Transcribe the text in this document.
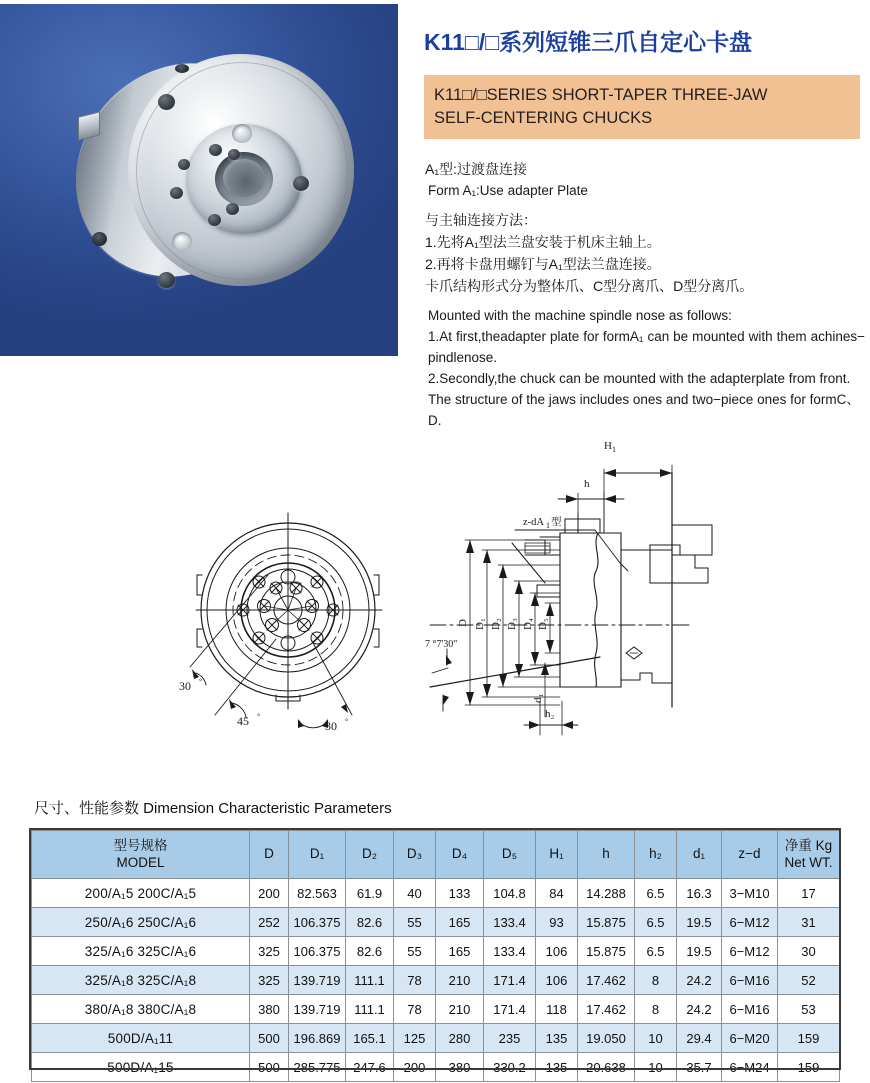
K11□/□系列短锥三爪自定心卡盘
K11□/□SERIES SHORT-TAPER THREE-JAW
SELF-CENTERING CHUCKS
A₁型:过渡盘连接
Form A₁:Use adapter Plate
与主轴连接方法：
1.先将A₁型法兰盘安装于机床主轴上。
2.再将卡盘用螺钉与A₁型法兰盘连接。
卡爪结构形式分为整体爪、C型分离爪、D型分离爪。
Mounted with the machine spindle nose as follows:
1.At first,theadapter plate for formA₁ can be mounted with them achines−
pindlenose.
2.Secondly,the chuck can be mounted with the adapterplate from front.
The structure of the jaws includes ones and two−piece ones for formC、D.
30 °
45 °
30 °
H 1
h
z-dA 1 型
7 °7'30"
D D₁ D₂ D₃ D₄ D₅
d₁
h₂
尺寸、性能参数 Dimension Characteristic Parameters
型号规格
MODEL	D	D₁	D₂	D₃	D₄	D₅	H₁	h	h₂	d₁	z−d	净重 Kg
Net WT.
200/A₁5 200C/A₁5	200	82.563	61.9	40	133	104.8	84	14.288	6.5	16.3	3−M10	17
250/A₁6 250C/A₁6	252	106.375	82.6	55	165	133.4	93	15.875	6.5	19.5	6−M12	31
325/A₁6 325C/A₁6	325	106.375	82.6	55	165	133.4	106	15.875	6.5	19.5	6−M12	30
325/A₁8 325C/A₁8	325	139.719	111.1	78	210	171.4	106	17.462	8	24.2	6−M16	52
380/A₁8 380C/A₁8	380	139.719	111.1	78	210	171.4	118	17.462	8	24.2	6−M16	53
500D/A₁11	500	196.869	165.1	125	280	235	135	19.050	10	29.4	6−M20	159
500D/A₁15	500	285.775	247.6	200	380	330.2	135	20.638	10	35.7	6−M24	159
